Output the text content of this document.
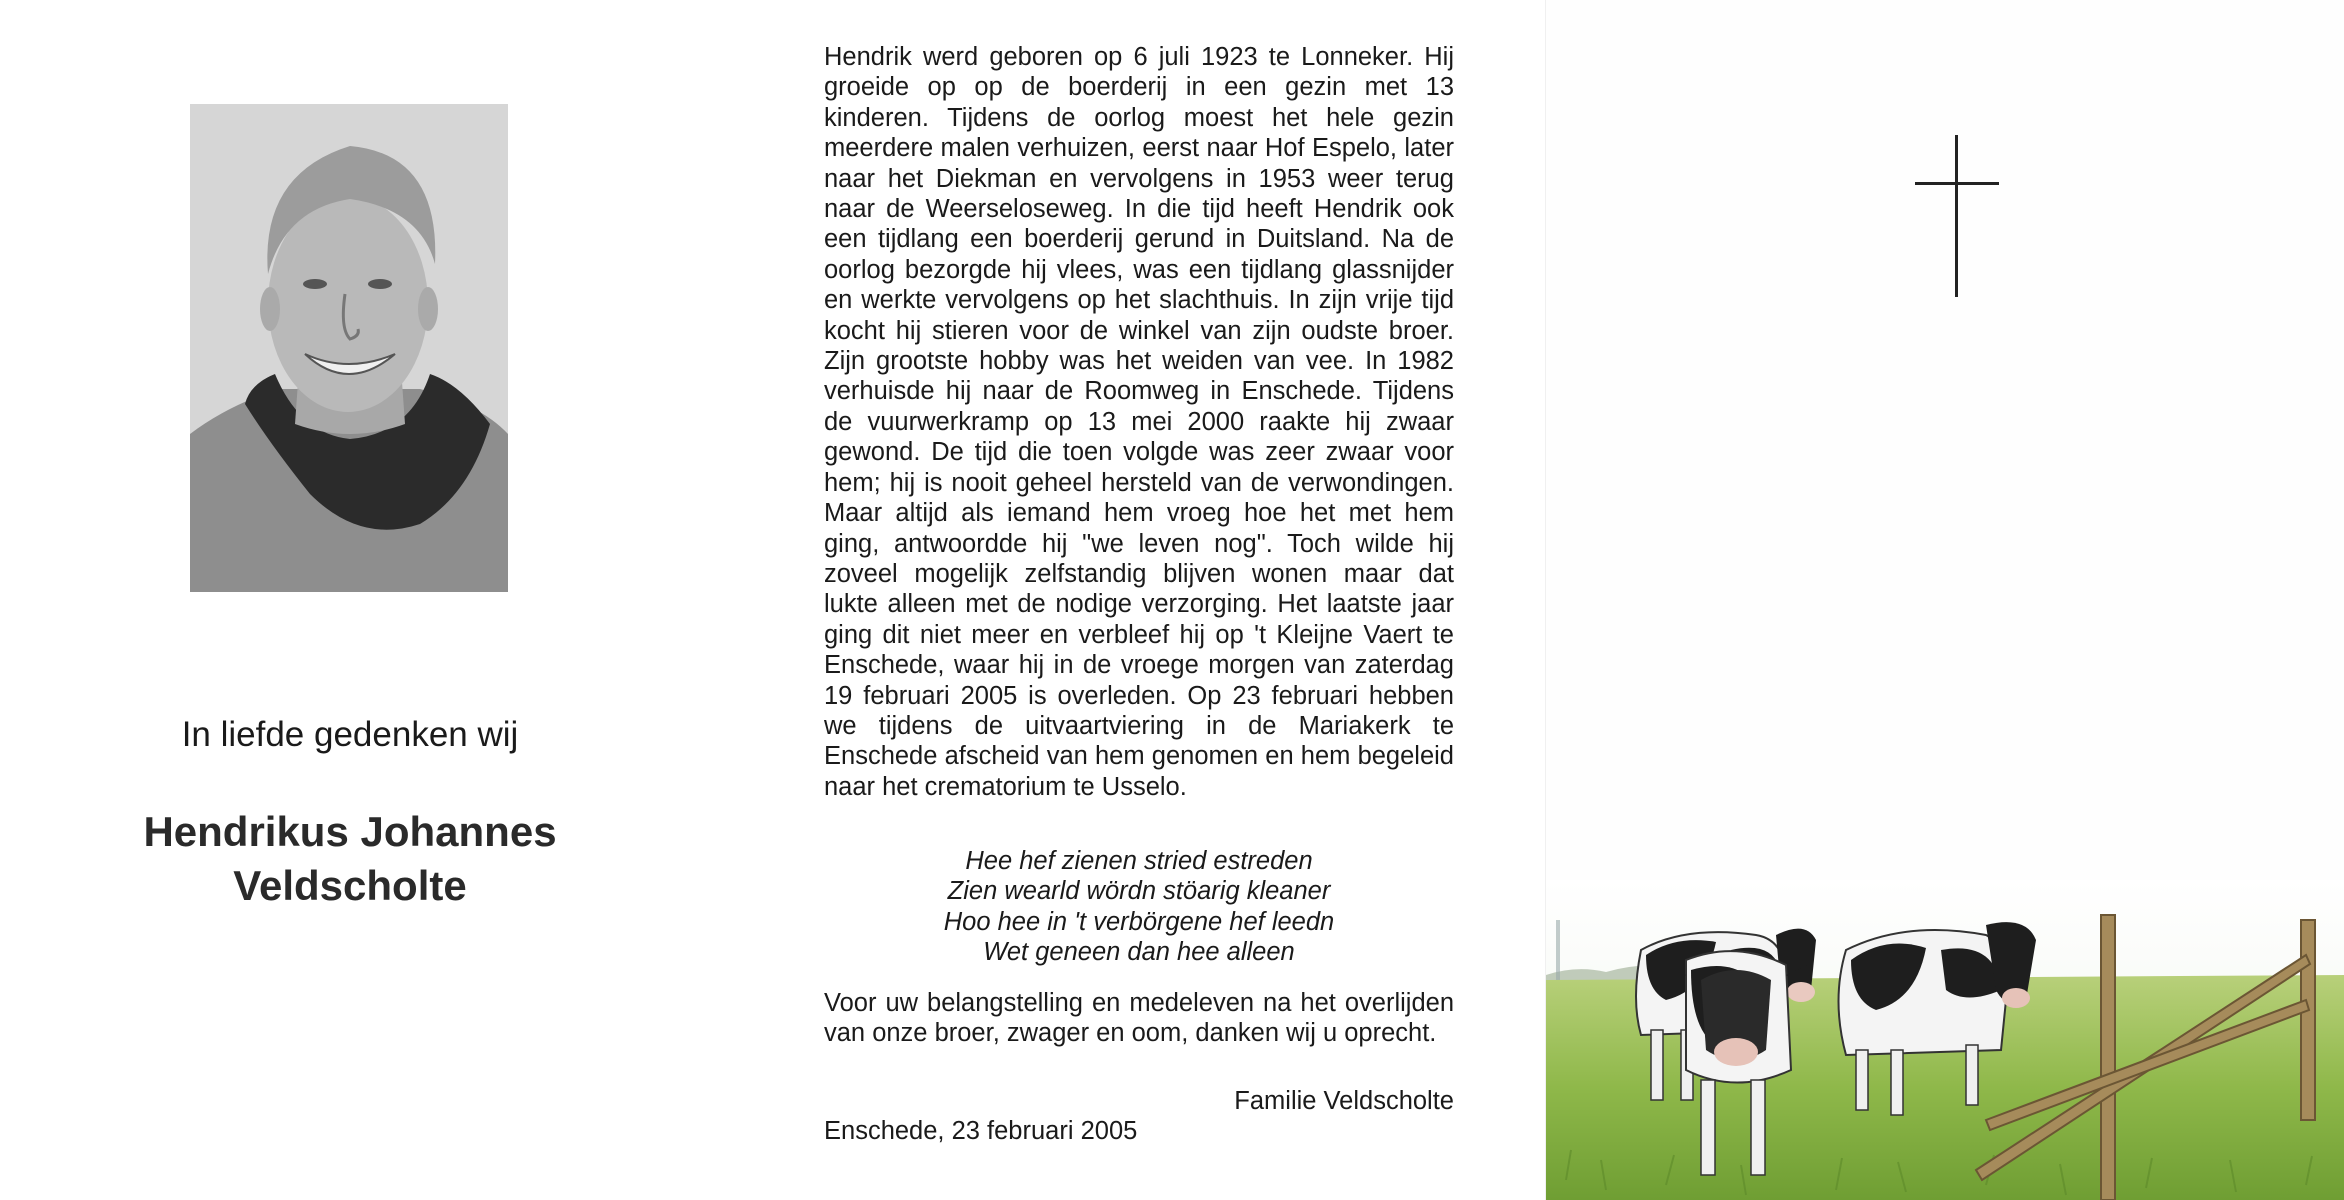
In liefde gedenken wij
Hendrikus Johannes
Veldscholte
Hendrik werd geboren op 6 juli 1923 te Lonneker. Hij groeide op op de boerderij in een gezin met 13 kinderen. Tijdens de oorlog moest het hele gezin meerdere malen verhuizen, eerst naar Hof Espelo, later naar het Diekman en vervolgens in 1953 weer terug naar de Weerseloseweg. In die tijd heeft Hendrik ook een tijdlang een boerderij gerund in Duitsland. Na de oorlog bezorgde hij vlees, was een tijdlang glassnijder en werkte vervolgens op het slachthuis. In zijn vrije tijd kocht hij stieren voor de winkel van zijn oudste broer. Zijn grootste hobby was het weiden van vee. In 1982 verhuisde hij naar de Roomweg in Enschede. Tijdens de vuurwerkramp op 13 mei 2000 raakte hij zwaar gewond. De tijd die toen volgde was zeer zwaar voor hem; hij is nooit geheel hersteld van de verwondingen. Maar altijd als iemand hem vroeg hoe het met hem ging, antwoordde hij "we leven nog". Toch wilde hij zoveel mogelijk zelfstandig blijven wonen maar dat lukte alleen met de nodige verzorging. Het laatste jaar ging dit niet meer en verbleef hij op 't Kleijne Vaert te Enschede, waar hij in de vroege morgen van zaterdag 19 februari 2005 is overleden. Op 23 februari hebben we tijdens de uitvaartviering in de Mariakerk te Enschede afscheid van hem genomen en hem begeleid naar het crematorium te Usselo.
Hee hef zienen stried estreden
Zien wearld wördn stöarig kleaner
Hoo hee in 't verbörgene hef leedn
Wet geneen dan hee alleen
Voor uw belangstelling en medeleven na het overlijden van onze broer, zwager en oom, danken wij u oprecht.
Familie Veldscholte
Enschede, 23 februari 2005
